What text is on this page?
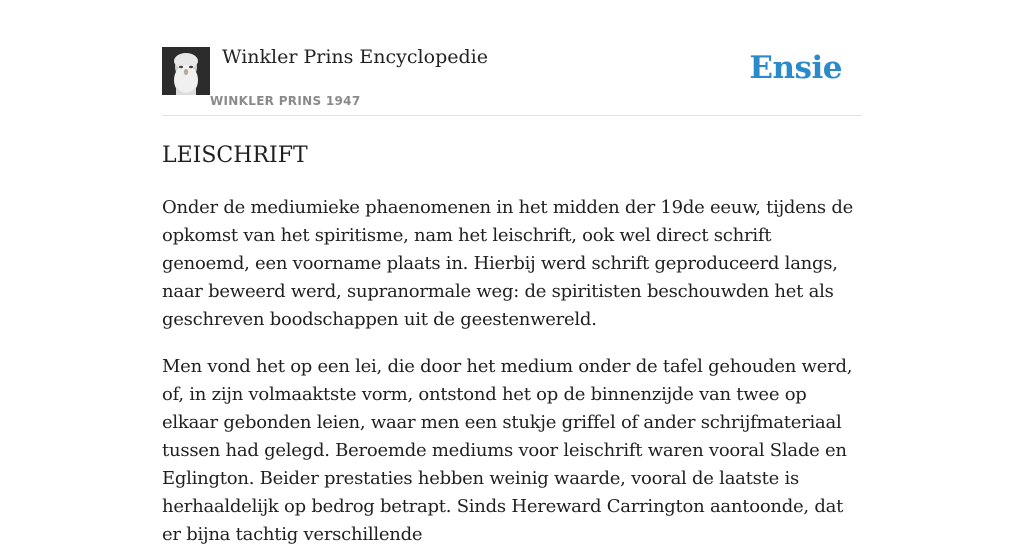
Winkler Prins Encyclopedie
WINKLER PRINS 1947
Ensie
LEISCHRIFT

Onder de mediumieke phaenomenen in het midden der 19de eeuw, tijdens de opkomst van het spiritisme, nam het leischrift, ook wel direct schrift genoemd, een voorname plaats in. Hierbij werd schrift geproduceerd langs, naar beweerd werd, supranormale weg: de spiritisten beschouwden het als geschreven boodschappen uit de geestenwereld.

Men vond het op een lei, die door het medium onder de tafel gehouden werd, of, in zijn volmaaktste vorm, ontstond het op de binnenzijde van twee op elkaar gebonden leien, waar men een stukje griffel of ander schrijfmateriaal tussen had gelegd. Beroemde mediums voor leischrift waren vooral Slade en Eglington. Beider prestaties hebben weinig waarde, vooral de laatste is herhaaldelijk op bedrog betrapt. Sinds Hereward Carrington aantoonde, dat er bijna tachtig verschillende
